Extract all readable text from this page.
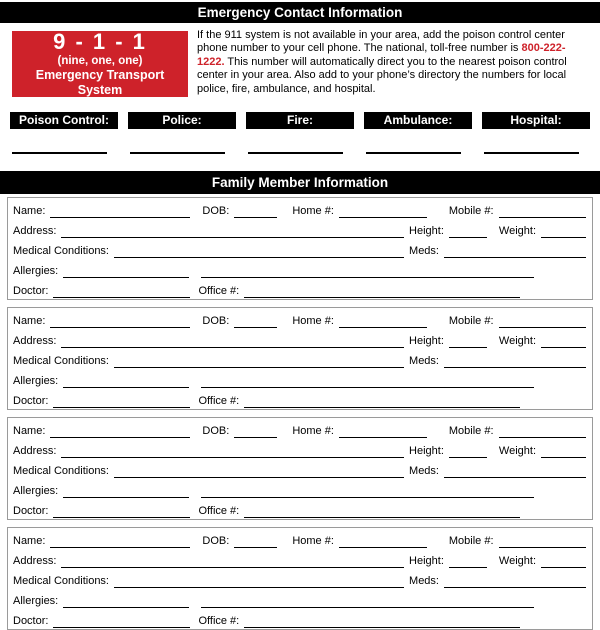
Emergency Contact Information
9 - 1 - 1
(nine, one, one)
Emergency Transport System

If the 911 system is not available in your area, add the poison control center phone number to your cell phone. The national, toll-free number is 800-222-1222. This number will automatically direct you to the nearest poison control center in your area. Also add to your phone’s directory the numbers for local police, fire, ambulance, and hospital.

Poison Control:	Police:	Fire:	Ambulance:	Hospital:
Family Member Information
Name:	DOB:	Home #:	Mobile #:
Address:	Height:	Weight:
Medical Conditions:	Meds:
Allergies:
Doctor:	Office #:
Name:	DOB:	Home #:	Mobile #:
Address:	Height:	Weight:
Medical Conditions:	Meds:
Allergies:
Doctor:	Office #:
Name:	DOB:	Home #:	Mobile #:
Address:	Height:	Weight:
Medical Conditions:	Meds:
Allergies:
Doctor:	Office #:
Name:	DOB:	Home #:	Mobile #:
Address:	Height:	Weight:
Medical Conditions:	Meds:
Allergies:
Doctor:	Office #:
